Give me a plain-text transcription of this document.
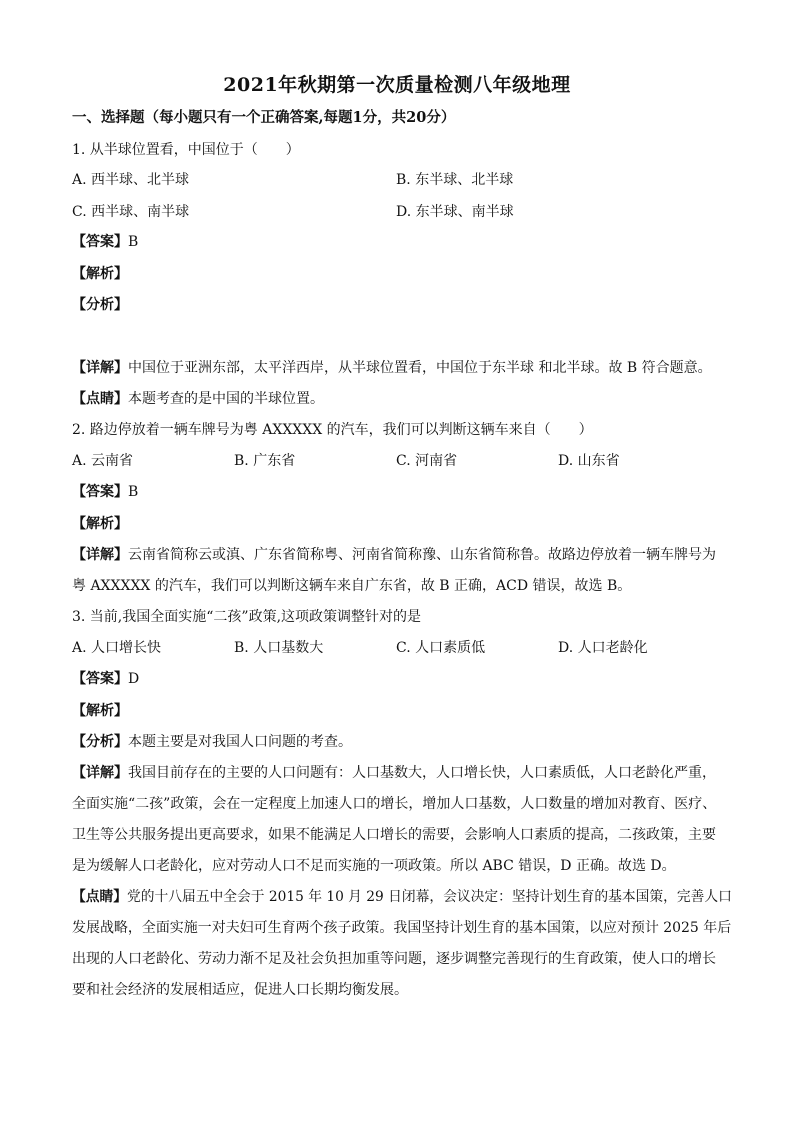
2021年秋期第一次质量检测八年级地理
一、选择题（每小题只有一个正确答案,每题1分，共20分）
1. 从半球位置看，中国位于（　　）
A. 西半球、北半球	B. 东半球、北半球
C. 西半球、南半球	D. 东半球、南半球
【答案】B
【解析】
【分析】
【详解】中国位于亚洲东部，太平洋西岸，从半球位置看，中国位于东半球 和北半球。故 B 符合题意。
【点睛】本题考查的是中国的半球位置。
2. 路边停放着一辆车牌号为粤 AXXXXX 的汽车，我们可以判断这辆车来自（　　）
A. 云南省	B. 广东省	C. 河南省	D. 山东省
【答案】B
【解析】
【详解】云南省简称云或滇、广东省简称粤、河南省简称豫、山东省简称鲁。故路边停放着一辆车牌号为
粤 AXXXXX 的汽车，我们可以判断这辆车来自广东省，故 B 正确，ACD 错误，故选 B。
3. 当前,我国全面实施“二孩”政策,这项政策调整针对的是
A. 人口增长快	B. 人口基数大	C. 人口素质低	D. 人口老龄化
【答案】D
【解析】
【分析】本题主要是对我国人口问题的考查。
【详解】我国目前存在的主要的人口问题有：人口基数大，人口增长快，人口素质低，人口老龄化严重，
全面实施“二孩”政策，会在一定程度上加速人口的增长，增加人口基数，人口数量的增加对教育、医疗、
卫生等公共服务提出更高要求，如果不能满足人口增长的需要，会影响人口素质的提高，二孩政策，主要
是为缓解人口老龄化，应对劳动人口不足而实施的一项政策。所以 ABC 错误，D 正确。故选 D。
【点睛】党的十八届五中全会于 2015 年 10 月 29 日闭幕，会议决定：坚持计划生育的基本国策，完善人口
发展战略，全面实施一对夫妇可生育两个孩子政策。我国坚持计划生育的基本国策，以应对预计 2025 年后
出现的人口老龄化、劳动力渐不足及社会负担加重等问题，逐步调整完善现行的生育政策，使人口的增长
要和社会经济的发展相适应，促进人口长期均衡发展。
